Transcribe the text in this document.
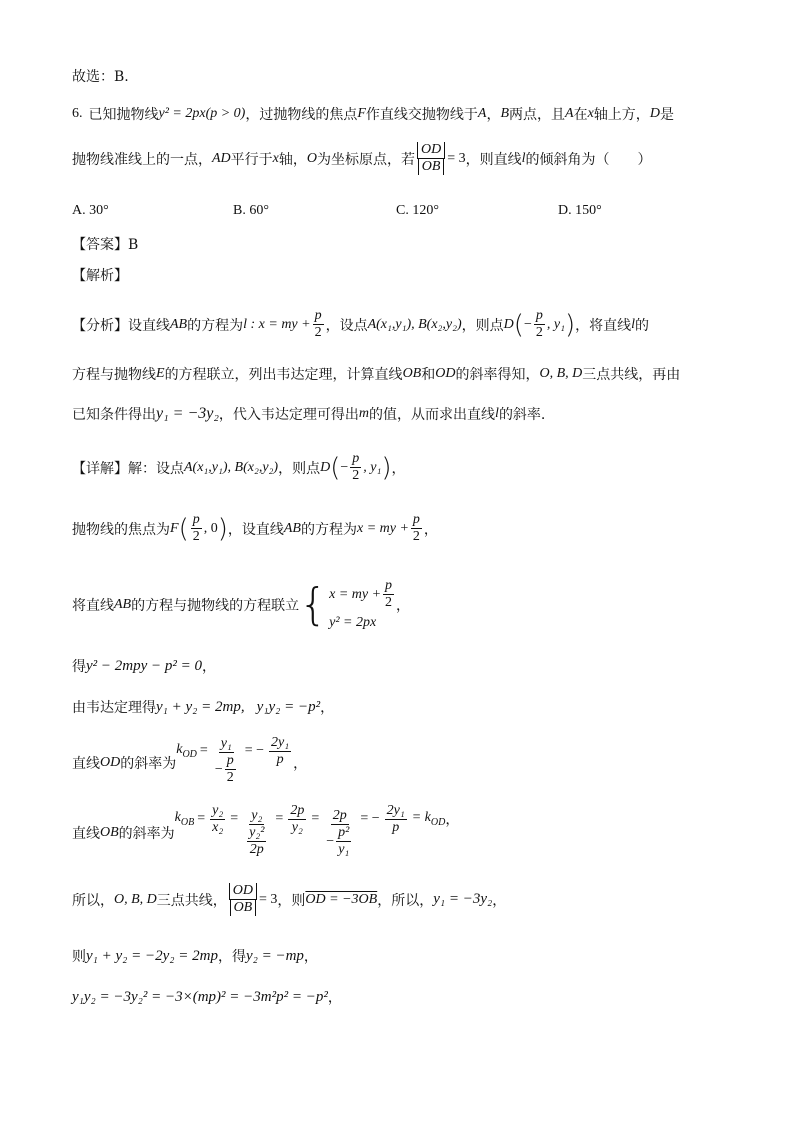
故选：B.
6. 已知抛物线 y² = 2px(p > 0) ，过抛物线的焦点 F 作直线交抛物线于 A ， B 两点，且 A 在 x 轴上方， D 是
抛物线准线上的一点， AD 平行于 x 轴， O 为坐标原点，若 $\frac{OD}{OB} = 3$ ，则直线 l 的倾斜角为（　　）
A. 30°	B. 60°	C. 120°	D. 150°
【答案】B
【解析】
【分析】 设直线 AB 的方程为 l : x = my + $\frac{p}{2}$ ，设点 A(x₁,y₁), B(x₂,y₂) ，则点 D ( − $\frac{p}{2}$ , y₁ ) ，将直线 l 的
方程与抛物线 E 的方程联立，列出韦达定理，计算直线 OB 和 OD 的斜率得知， O, B, D 三点共线，再由
已知条件得出 y₁ = −3y₂ ，代入韦达定理可得出 m 的值，从而求出直线 l 的斜率.
【详解】解：设点 A(x₁,y₁), B(x₂,y₂) ，则点 D ( − $\frac{p}{2}$ , y₁ ) ，
抛物线的焦点为 F ( $\frac{p}{2}$ , 0 ) ，设直线 AB 的方程为 x = my + $\frac{p}{2}$ ，
将直线 AB 的方程与抛物线的方程联立 { x = my + $\frac{p}{2}$
y² = 2px
，
得 y² − 2mpy − p² = 0 ，
由韦达定理得 y₁ + y₂ = 2mp, y₁y₂ = −p² ，
直线 OD 的斜率为
$k_{OD} = \frac{\text{y₁}}{- \frac{p}{2}}$ = − $\frac{\text{2y₁}}{p}$ ，
直线 OB 的斜率为
$k_{OB} = \frac{\text{y₂}}{\text{x₂}} = \frac{\text{y₂}}{\frac{\text{y₂²}}{2p}} = \frac{2p}{\text{y₂}} = \frac{2p}{- \frac{\text{p²}}{\text{y₁}}}$ = − $\frac{\text{2y₁}}{p} = k_{OD}$ ，
所以， O, B, D 三点共线， $\frac{OD}{OB} = 3$ ，则 OD = −3OB ，所以， y₁ = −3y₂ ，
则 y₁ + y₂ = −2y₂ = 2mp ，得 y₂ = −mp ，
y₁y₂ = −3y₂² = −3×(mp)² = −3m²p² = −p² ，
